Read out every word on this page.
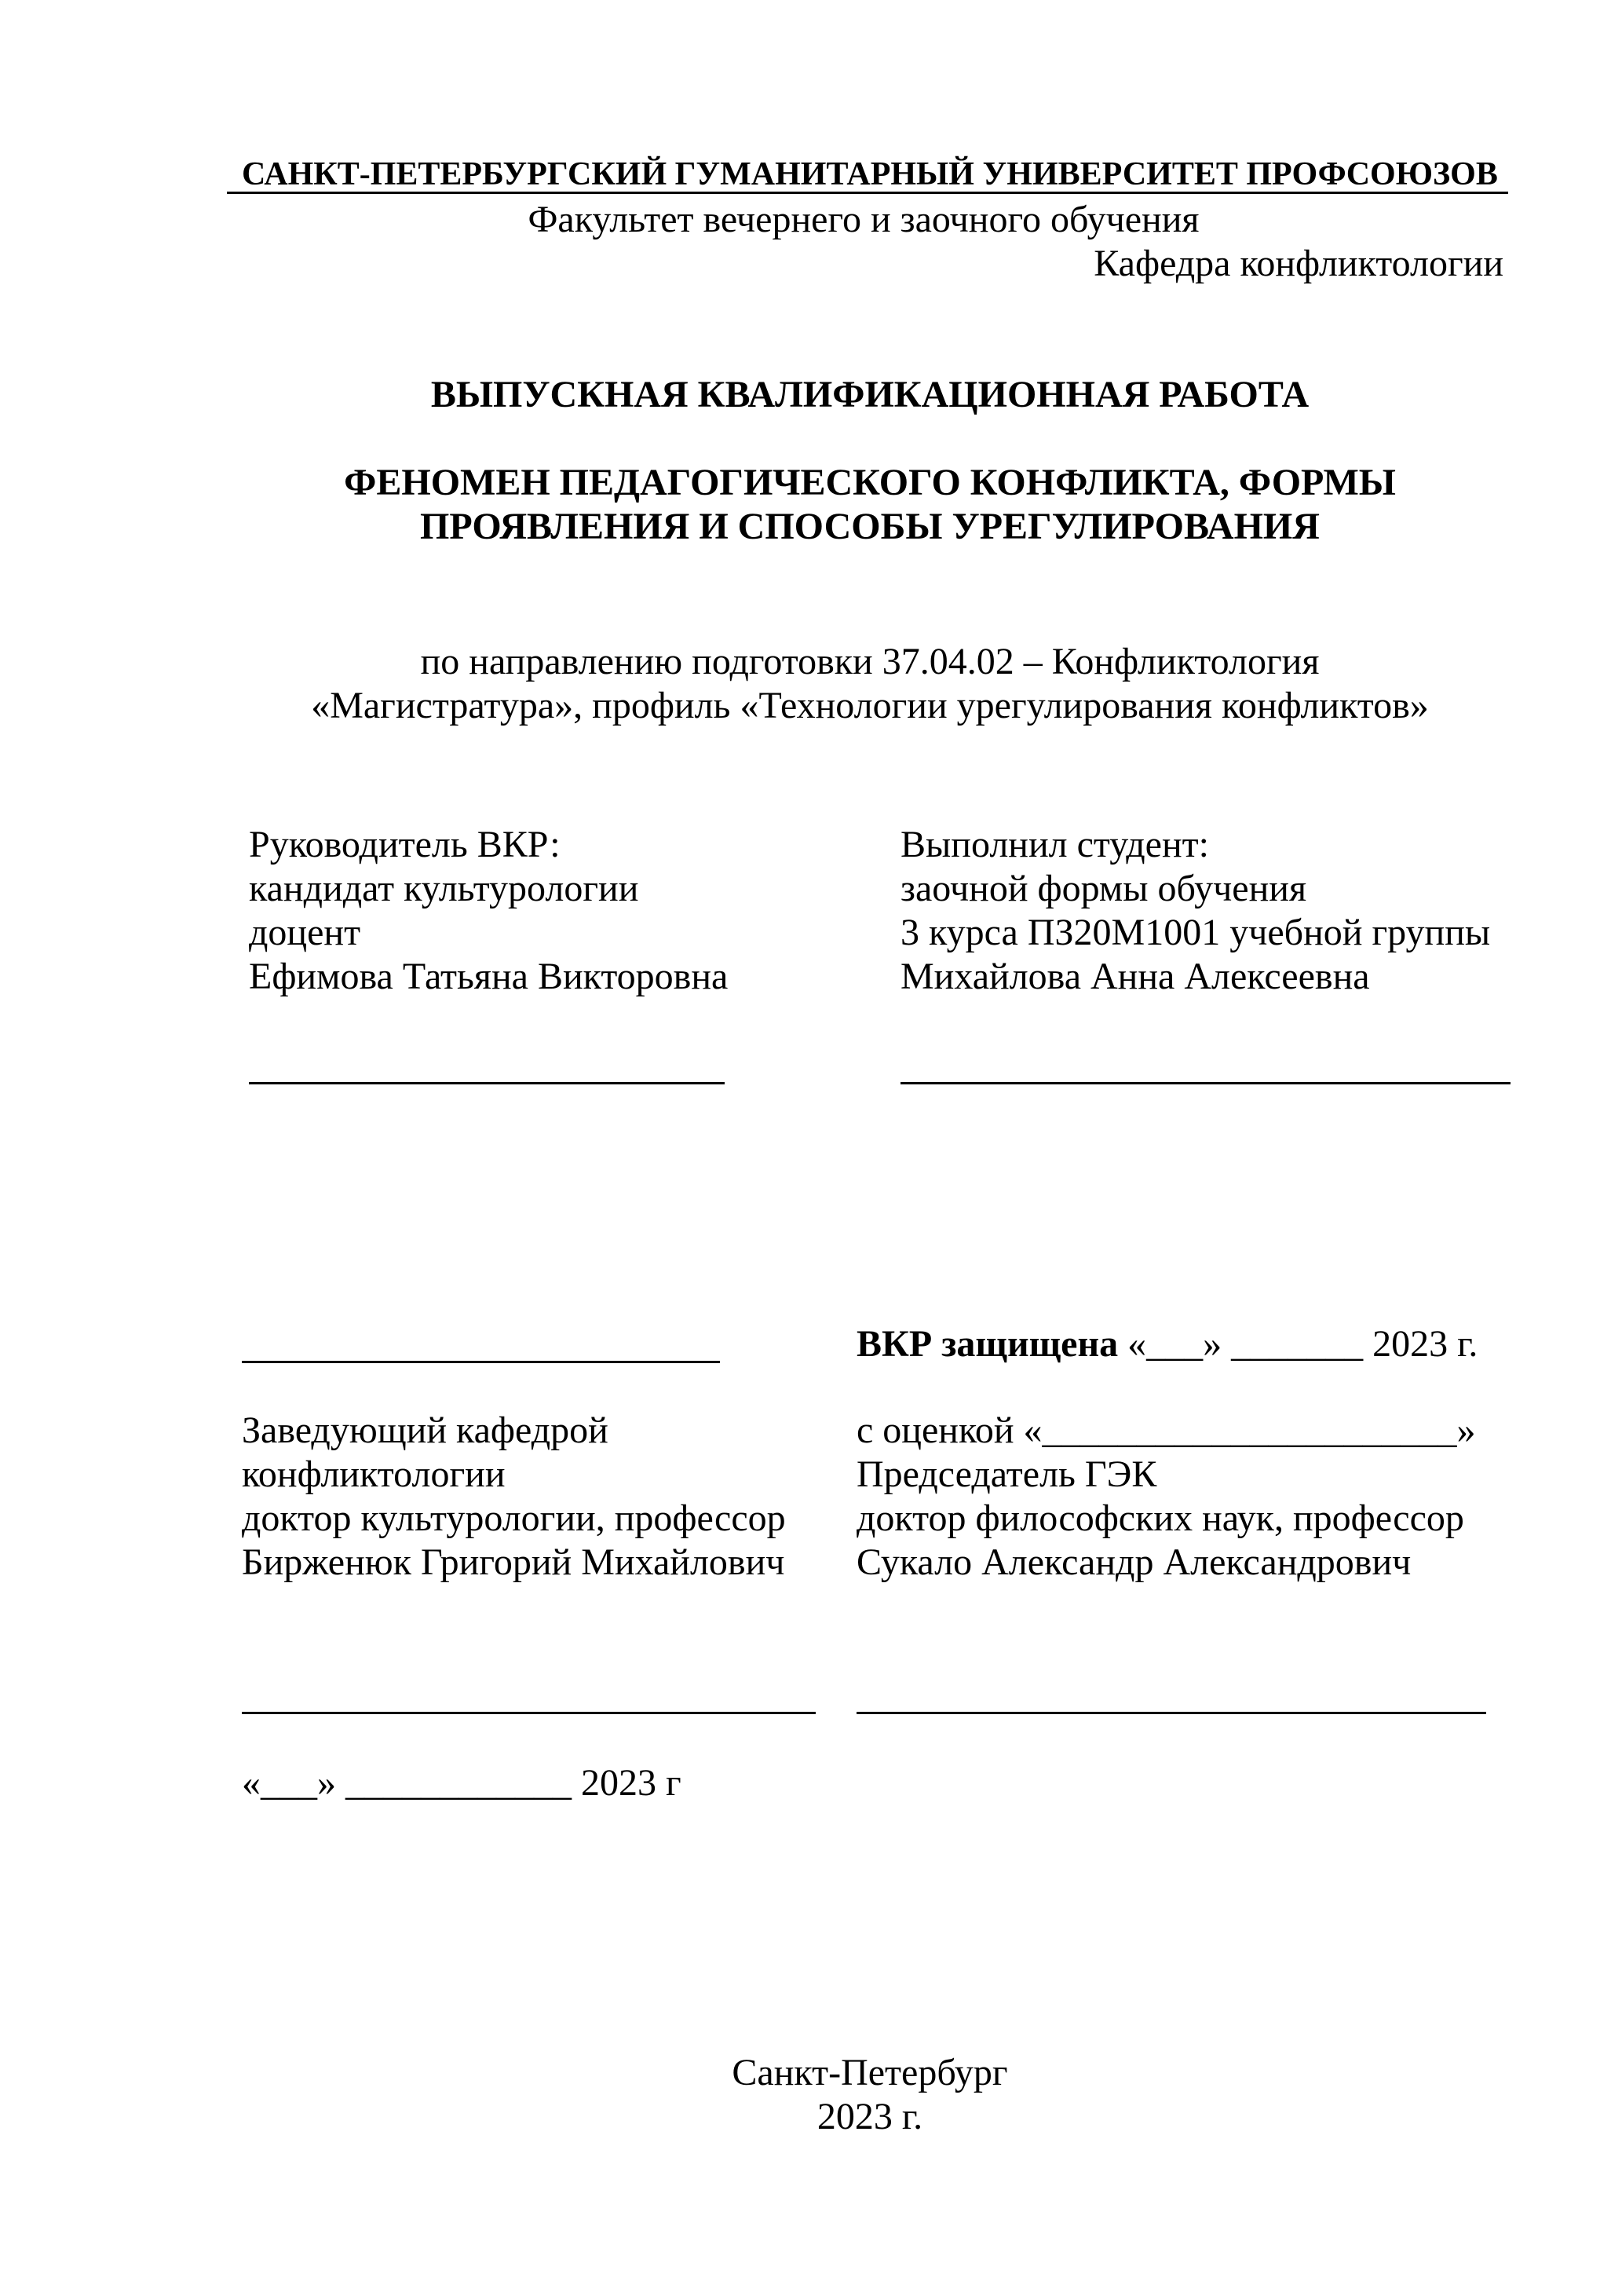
САНКТ-ПЕТЕРБУРГСКИЙ ГУМАНИТАРНЫЙ УНИВЕРСИТЕТ ПРОФСОЮЗОВ
Факультет вечернего и заочного обучения
Кафедра конфликтологии
ВЫПУСКНАЯ КВАЛИФИКАЦИОННАЯ РАБОТА
ФЕНОМЕН ПЕДАГОГИЧЕСКОГО КОНФЛИКТА, ФОРМЫ
ПРОЯВЛЕНИЯ И СПОСОБЫ УРЕГУЛИРОВАНИЯ
по направлению подготовки 37.04.02 – Конфликтология
«Магистратура», профиль «Технологии урегулирования конфликтов»
Руководитель ВКР:
кандидат культурологии
доцент
Ефимова Татьяна Викторовна
Выполнил студент:
заочной формы обучения
3 курса ПЗ20М1001 учебной группы
Михайлова Анна Алексеевна
ВКР защищена «___» _______ 2023 г.
Заведующий кафедрой
конфликтологии
доктор культурологии, профессор
Бирженюк Григорий Михайлович
с оценкой «______________________»
Председатель ГЭК
доктор философских наук, профессор
Сукало Александр Александрович
«___» ____________ 2023 г
Санкт-Петербург
2023 г.
